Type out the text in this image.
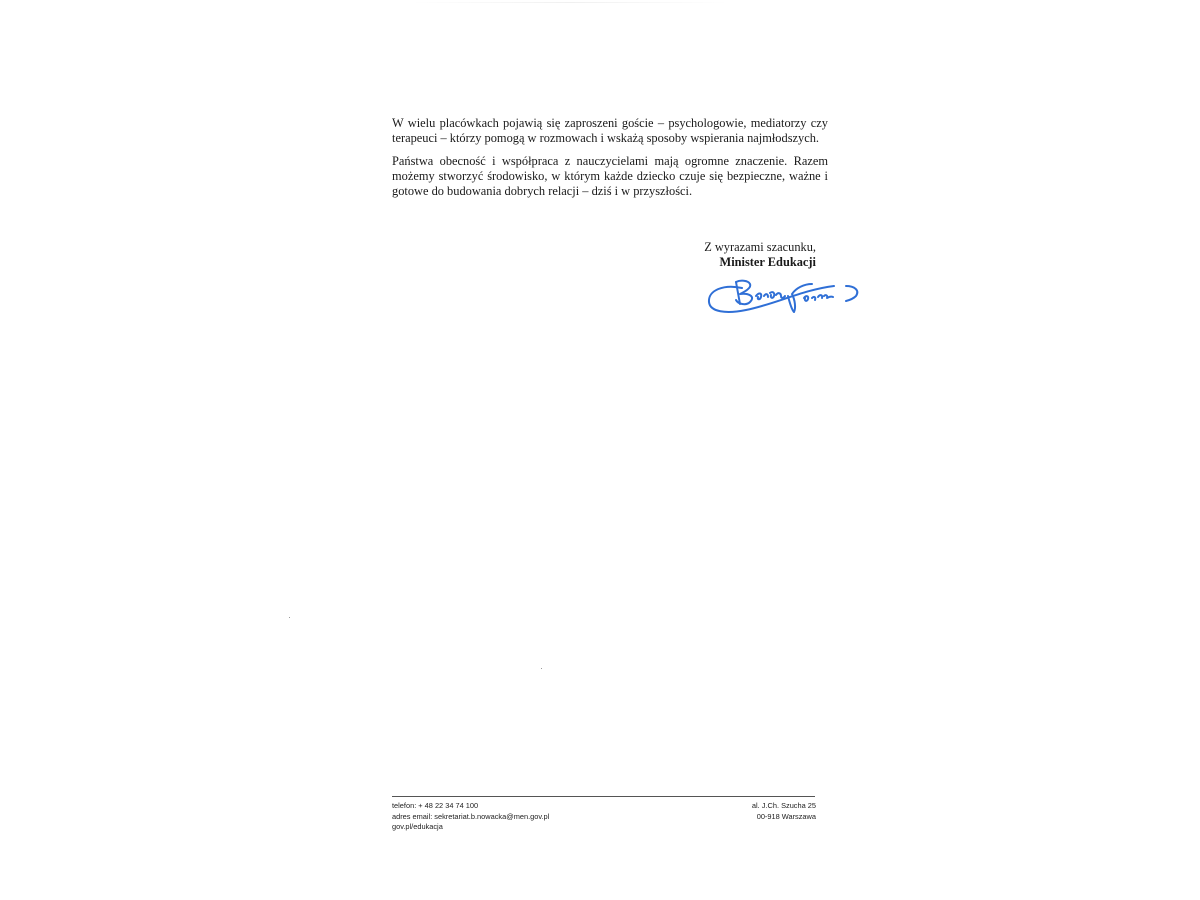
W wielu placówkach pojawią się zaproszeni goście – psychologowie, mediatorzy czy terapeuci – którzy pomogą w rozmowach i wskażą sposoby wspierania najmłodszych.

Państwa obecność i współpraca z nauczycielami mają ogromne znaczenie. Razem możemy stworzyć środowisko, w którym każde dziecko czuje się bezpieczne, ważne i gotowe do budowania dobrych relacji – dziś i w przyszłości.

Z wyrazami szacunku,
Minister Edukacji
telefon: + 48 22 34 74 100
adres email: sekretariat.b.nowacka@men.gov.pl
gov.pl/edukacja
al. J.Ch. Szucha 25
00-918 Warszawa
